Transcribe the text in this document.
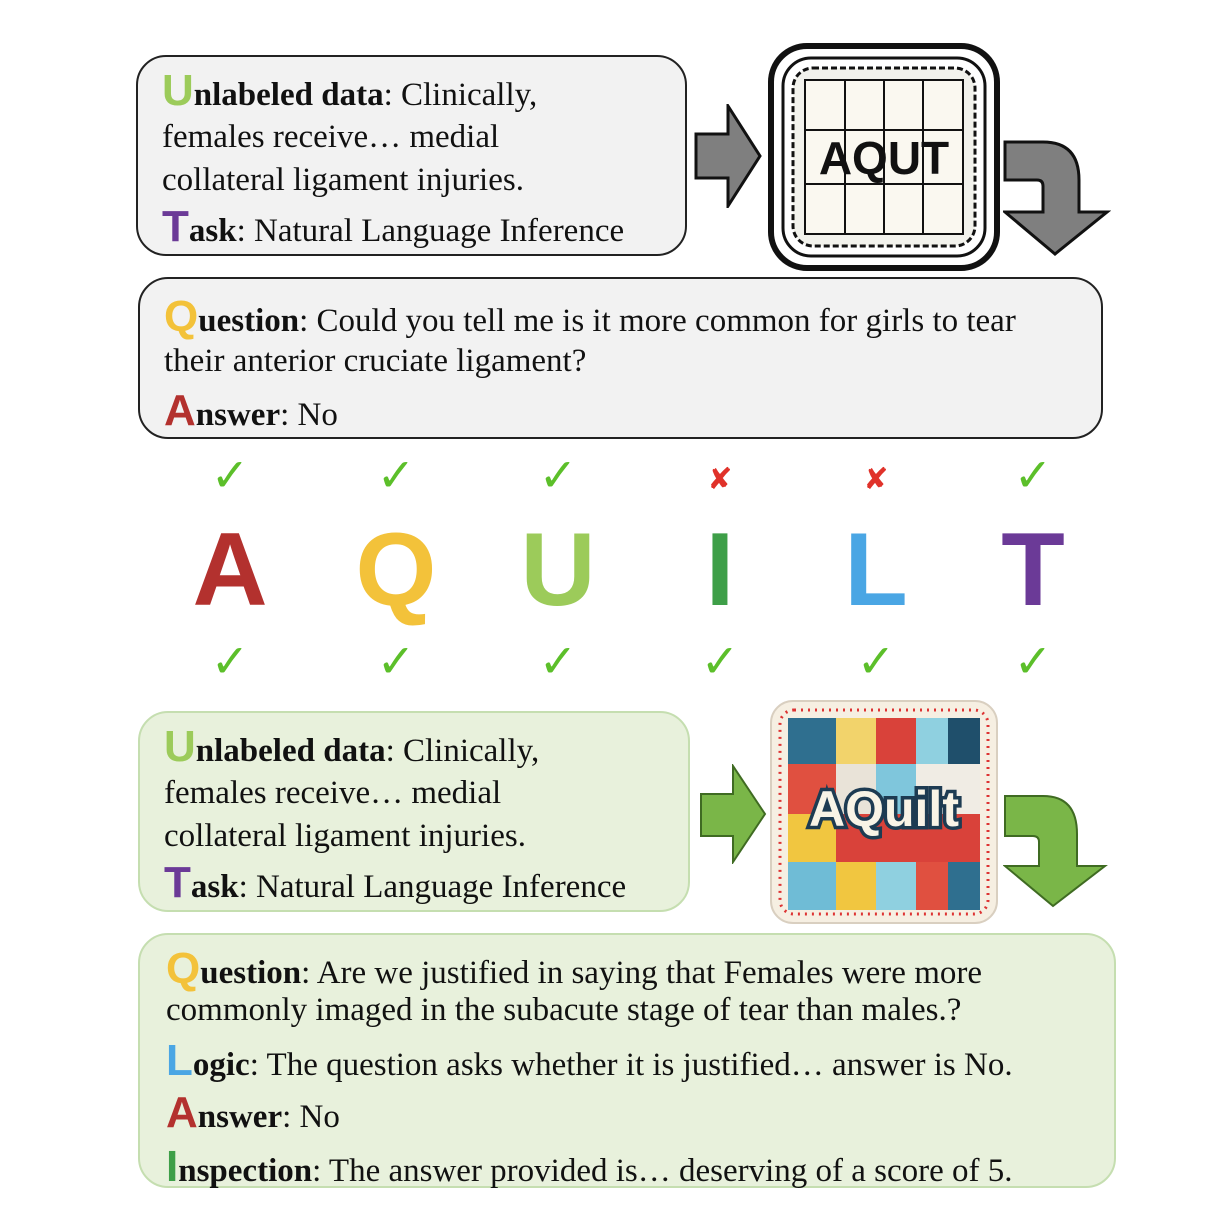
Unlabeled data: Clinically,
females receive… medial
collateral ligament injuries.
Task: Natural Language Inference
AQUT
Question: Could you tell me is it more common for girls to tear
their anterior cruciate ligament?
Answer: No
✓
A
✓
✓
Q
✓
✓
U
✓
✘
I
✓
✘
L
✓
✓
T
✓
Unlabeled data: Clinically,
females receive… medial
collateral ligament injuries.
Task: Natural Language Inference
AQuilt
Question: Are we justified in saying that Females were more
commonly imaged in the subacute stage of tear than males.?
Logic: The question asks whether it is justified… answer is No.
Answer: No
Inspection: The answer provided is… deserving of a score of 5.
